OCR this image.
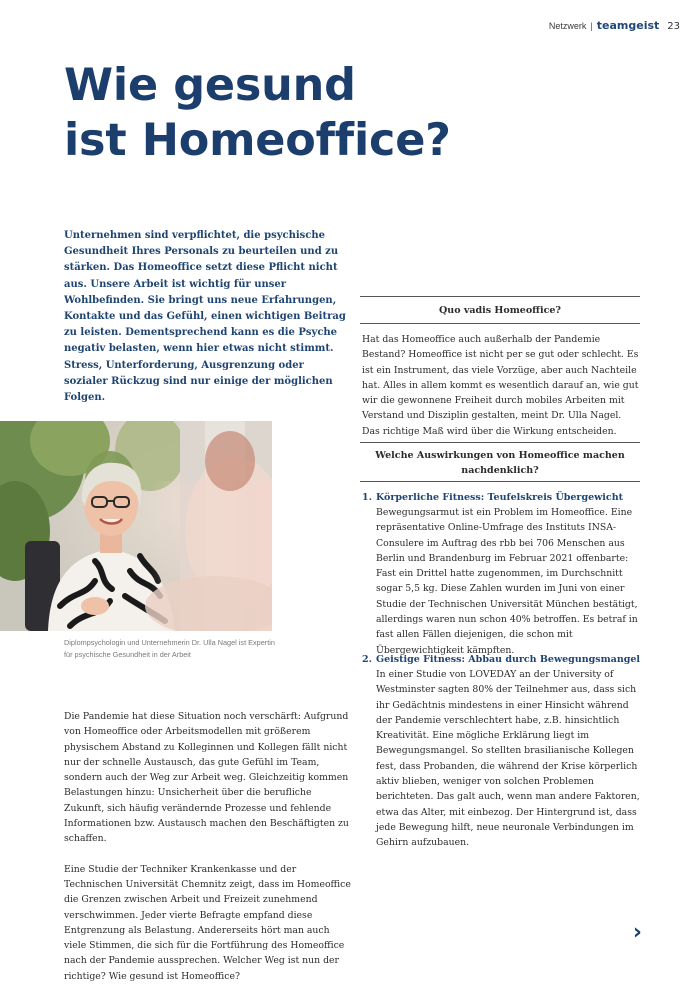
Netzwerk | teamgeist 23
Wie gesund
ist Homeoffice?

Unternehmen sind verpflichtet, die psychische Gesundheit Ihres Personals zu beurteilen und zu stärken. Das Homeoffice setzt diese Pflicht nicht aus. Unsere Arbeit ist wichtig für unser Wohlbefinden. Sie bringt uns neue Erfahrungen, Kontakte und das Gefühl, einen wichtigen Beitrag zu leisten. Dementsprechend kann es die Psyche negativ belasten, wenn hier etwas nicht stimmt. Stress, Unterforderung, Ausgrenzung oder sozialer Rückzug sind nur einige der möglichen Folgen.

Diplompsychologin und Unternehmerin Dr. Ulla Nagel ist Expertin für psychische Gesundheit in der Arbeit

Die Pandemie hat diese Situation noch verschärft: Aufgrund von Homeoffice oder Arbeitsmodellen mit größerem physischem Abstand zu Kolleginnen und Kollegen fällt nicht nur der schnelle Austausch, das gute Gefühl im Team, sondern auch der Weg zur Arbeit weg. Gleichzeitig kommen Belastungen hinzu: Unsicherheit über die berufliche Zukunft, sich häufig verändernde Prozesse und fehlende Informationen bzw. Austausch machen den Beschäftigten zu schaffen.

Eine Studie der Techniker Krankenkasse und der Technischen Universität Chemnitz zeigt, dass im Homeoffice die Grenzen zwischen Arbeit und Freizeit zunehmend verschwimmen. Jeder vierte Befragte empfand diese Entgrenzung als Belastung. Andererseits hört man auch viele Stimmen, die sich für die Fortführung des Homeoffice nach der Pandemie aussprechen. Welcher Weg ist nun der richtige? Wie gesund ist Homeoffice?

Quo vadis Homeoffice?

Hat das Homeoffice auch außerhalb der Pandemie Bestand? Homeoffice ist nicht per se gut oder schlecht. Es ist ein Instrument, das viele Vorzüge, aber auch Nachteile hat. Alles in allem kommt es wesentlich darauf an, wie gut wir die gewonnene Freiheit durch mobiles Arbeiten mit Verstand und Disziplin gestalten, meint Dr. Ulla Nagel. Das richtige Maß wird über die Wirkung entscheiden.

Welche Auswirkungen von Homeoffice machen nachdenklich?

1. Körperliche Fitness: Teufelskreis Übergewicht

Bewegungsarmut ist ein Problem im Homeoffice. Eine repräsentative Online-Umfrage des Instituts INSA-Consulere im Auftrag des rbb bei 706 Menschen aus Berlin und Brandenburg im Februar 2021 offenbarte: Fast ein Drittel hatte zugenommen, im Durchschnitt sogar 5,5 kg. Diese Zahlen wurden im Juni von einer Studie der Technischen Universität München bestätigt, allerdings waren nun schon 40% betroffen. Es betraf in fast allen Fällen diejenigen, die schon mit Übergewichtigkeit kämpften.

2. Geistige Fitness: Abbau durch Bewegungsmangel

In einer Studie von LOVEDAY an der University of Westminster sagten 80% der Teilnehmer aus, dass sich ihr Gedächtnis mindestens in einer Hinsicht während der Pandemie verschlechtert habe, z.B. hinsichtlich Kreativität. Eine mögliche Erklärung liegt im Bewegungsmangel. So stellten brasilianische Kollegen fest, dass Probanden, die während der Krise körperlich aktiv blieben, weniger von solchen Problemen berichteten. Das galt auch, wenn man andere Faktoren, etwa das Alter, mit einbezog. Der Hintergrund ist, dass jede Bewegung hilft, neue neuronale Verbindungen im Gehirn aufzubauen.

›
